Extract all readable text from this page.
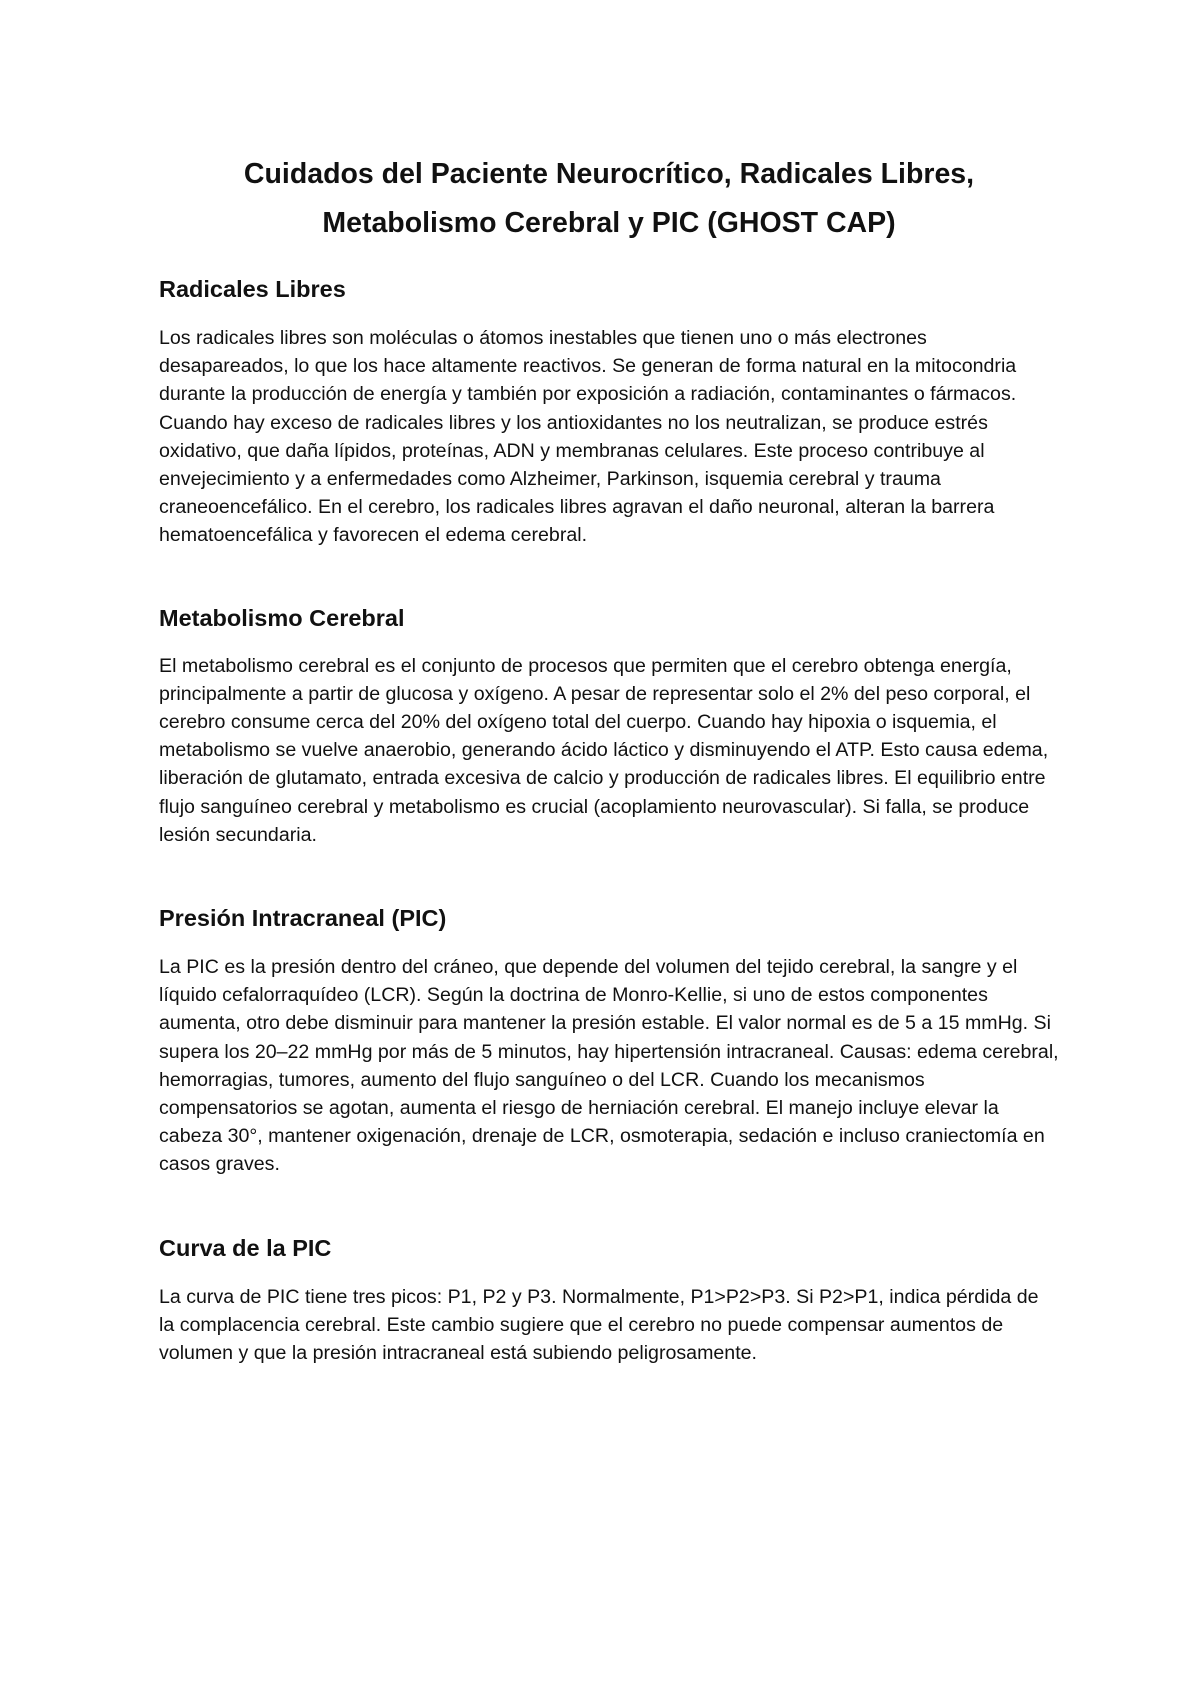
Cuidados del Paciente Neurocrítico, Radicales Libres, Metabolismo Cerebral y PIC (GHOST CAP)
Radicales Libres

Los radicales libres son moléculas o átomos inestables que tienen uno o más electrones desapareados, lo que los hace altamente reactivos. Se generan de forma natural en la mitocondria durante la producción de energía y también por exposición a radiación, contaminantes o fármacos. Cuando hay exceso de radicales libres y los antioxidantes no los neutralizan, se produce estrés oxidativo, que daña lípidos, proteínas, ADN y membranas celulares. Este proceso contribuye al envejecimiento y a enfermedades como Alzheimer, Parkinson, isquemia cerebral y trauma craneoencefálico. En el cerebro, los radicales libres agravan el daño neuronal, alteran la barrera hematoencefálica y favorecen el edema cerebral.

Metabolismo Cerebral

El metabolismo cerebral es el conjunto de procesos que permiten que el cerebro obtenga energía, principalmente a partir de glucosa y oxígeno. A pesar de representar solo el 2% del peso corporal, el cerebro consume cerca del 20% del oxígeno total del cuerpo. Cuando hay hipoxia o isquemia, el metabolismo se vuelve anaerobio, generando ácido láctico y disminuyendo el ATP. Esto causa edema, liberación de glutamato, entrada excesiva de calcio y producción de radicales libres. El equilibrio entre flujo sanguíneo cerebral y metabolismo es crucial (acoplamiento neurovascular). Si falla, se produce lesión secundaria.

Presión Intracraneal (PIC)

La PIC es la presión dentro del cráneo, que depende del volumen del tejido cerebral, la sangre y el líquido cefalorraquídeo (LCR). Según la doctrina de Monro-Kellie, si uno de estos componentes aumenta, otro debe disminuir para mantener la presión estable. El valor normal es de 5 a 15 mmHg. Si supera los 20–22 mmHg por más de 5 minutos, hay hipertensión intracraneal. Causas: edema cerebral, hemorragias, tumores, aumento del flujo sanguíneo o del LCR. Cuando los mecanismos compensatorios se agotan, aumenta el riesgo de herniación cerebral. El manejo incluye elevar la cabeza 30°, mantener oxigenación, drenaje de LCR, osmoterapia, sedación e incluso craniectomía en casos graves.

Curva de la PIC

La curva de PIC tiene tres picos: P1, P2 y P3. Normalmente, P1>P2>P3. Si P2>P1, indica pérdida de la complacencia cerebral. Este cambio sugiere que el cerebro no puede compensar aumentos de volumen y que la presión intracraneal está subiendo peligrosamente.
